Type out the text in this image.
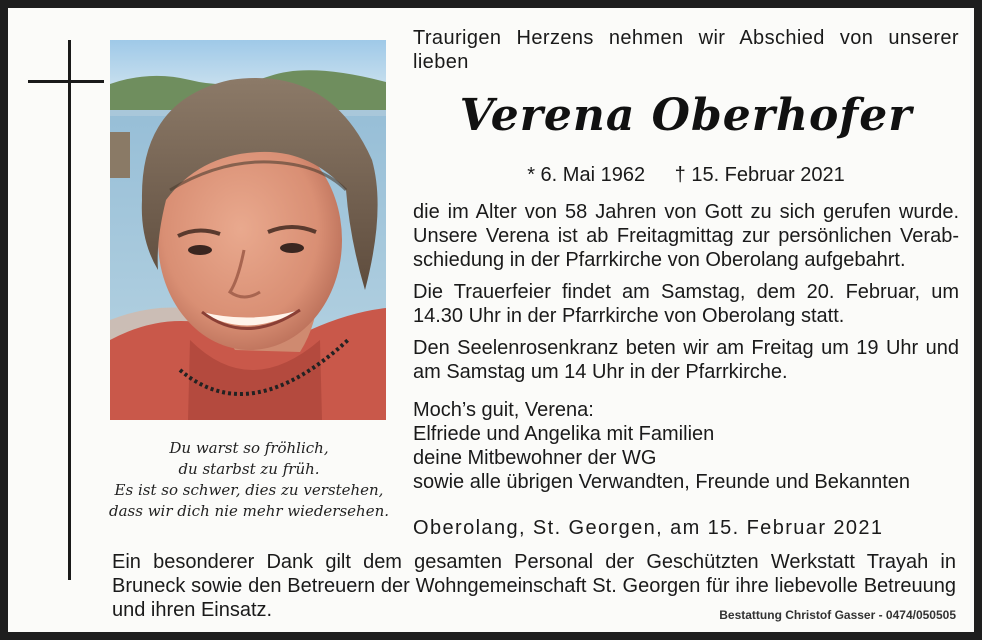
Du warst so fröhlich,
du starbst zu früh.
Es ist so schwer, dies zu verstehen,
dass wir dich nie mehr wiedersehen.
Traurigen Herzens nehmen wir Abschied von unserer lieben
Verena Oberhofer
* 6. Mai 1962 † 15. Februar 2021
die im Alter von 58 Jahren von Gott zu sich gerufen wurde. Unsere Verena ist ab Freitagmittag zur persönlichen Verabschiedung in der Pfarrkirche von Oberolang aufgebahrt.
Die Trauerfeier findet am Samstag, dem 20. Februar, um 14.30 Uhr in der Pfarrkirche von Oberolang statt.
Den Seelenrosenkranz beten wir am Freitag um 19 Uhr und am Samstag um 14 Uhr in der Pfarrkirche.
Moch’s guit, Verena:
Elfriede und Angelika mit Familien
deine Mitbewohner der WG
sowie alle übrigen Verwandten, Freunde und Bekannten
Oberolang, St. Georgen, am 15. Februar 2021
Ein besonderer Dank gilt dem gesamten Personal der Geschützten Werkstatt Trayah in Bruneck sowie den Betreuern der Wohngemeinschaft St. Georgen für ihre liebevolle Betreuung und ihren Einsatz.	Bestattung Christof Gasser - 0474/050505
